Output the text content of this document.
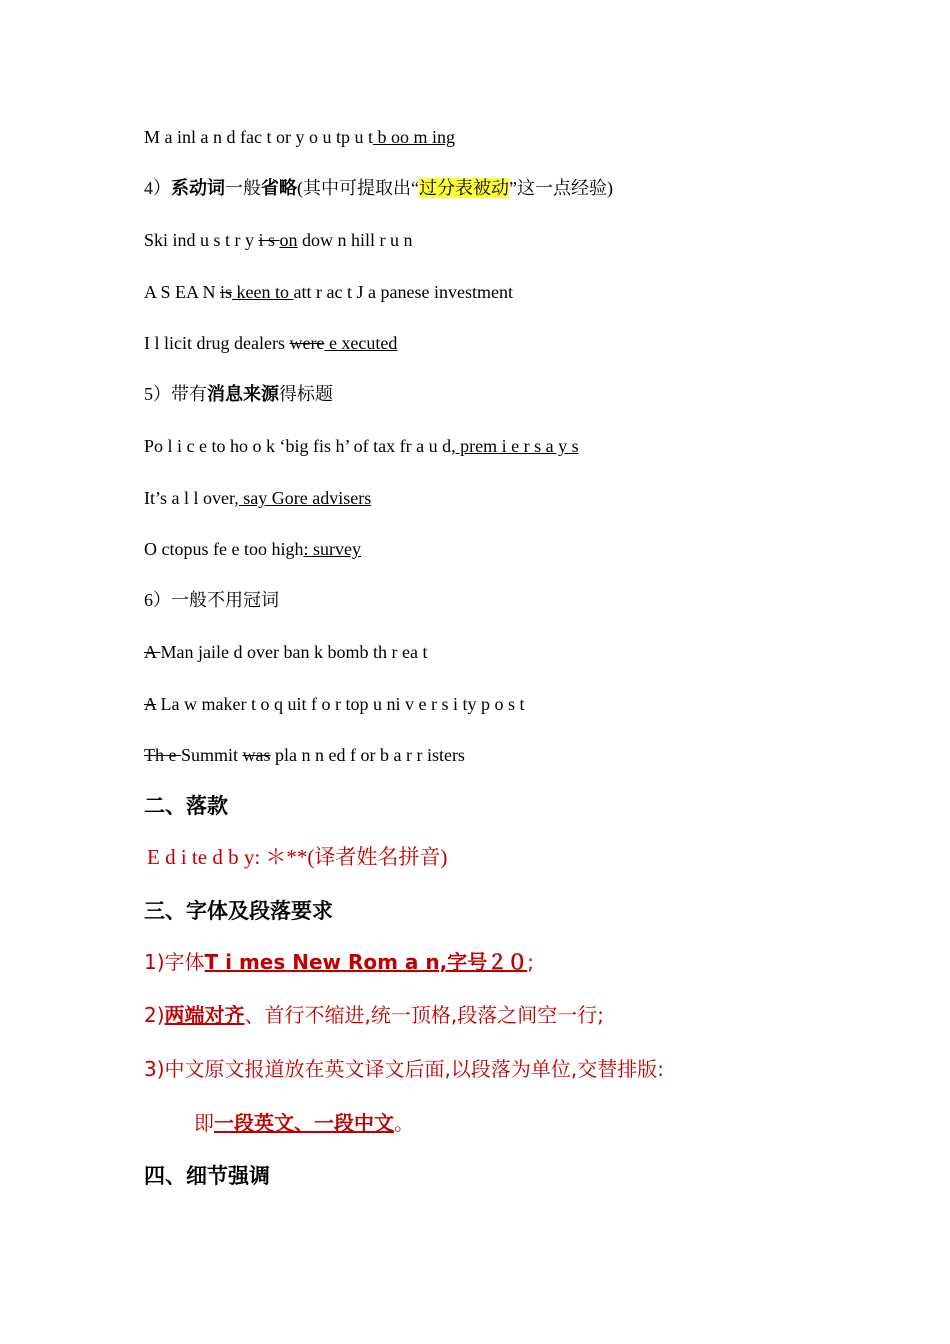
M a inl a n d fac t or y o u tp u t b oo m ing
4）系动词一般省略(其中可提取出“过分表被动”这一点经验)
Ski ind u s t r y i s on dow n hill r u n
A S EA N is keen to att r ac t J a panese investment
I l licit drug dealers were e xecuted
5）带有消息来源得标题
Po l i c e to ho o k ‘big fis h’ of tax fr a u d, prem i e r s a y s
It’s a l l over, say Gore advisers
O ctopus fe e too high: survey
6）一般不用冠词
A Man jaile d over ban k bomb th r ea t
A La w maker t o q uit f o r top u ni v e r s i ty p o s t
Th e Summit was pla n n ed f or b a r r isters
二、落款
E d i te d b y: ＊**(译者姓名拼音)
三、字体及段落要求
1)字体T i mes New Rom a n,字号２０;
2)两端对齐、首行不缩进,统一顶格,段落之间空一行;
3)中文原文报道放在英文译文后面,以段落为单位,交替排版:
即一段英文、一段中文。
四、细节强调
